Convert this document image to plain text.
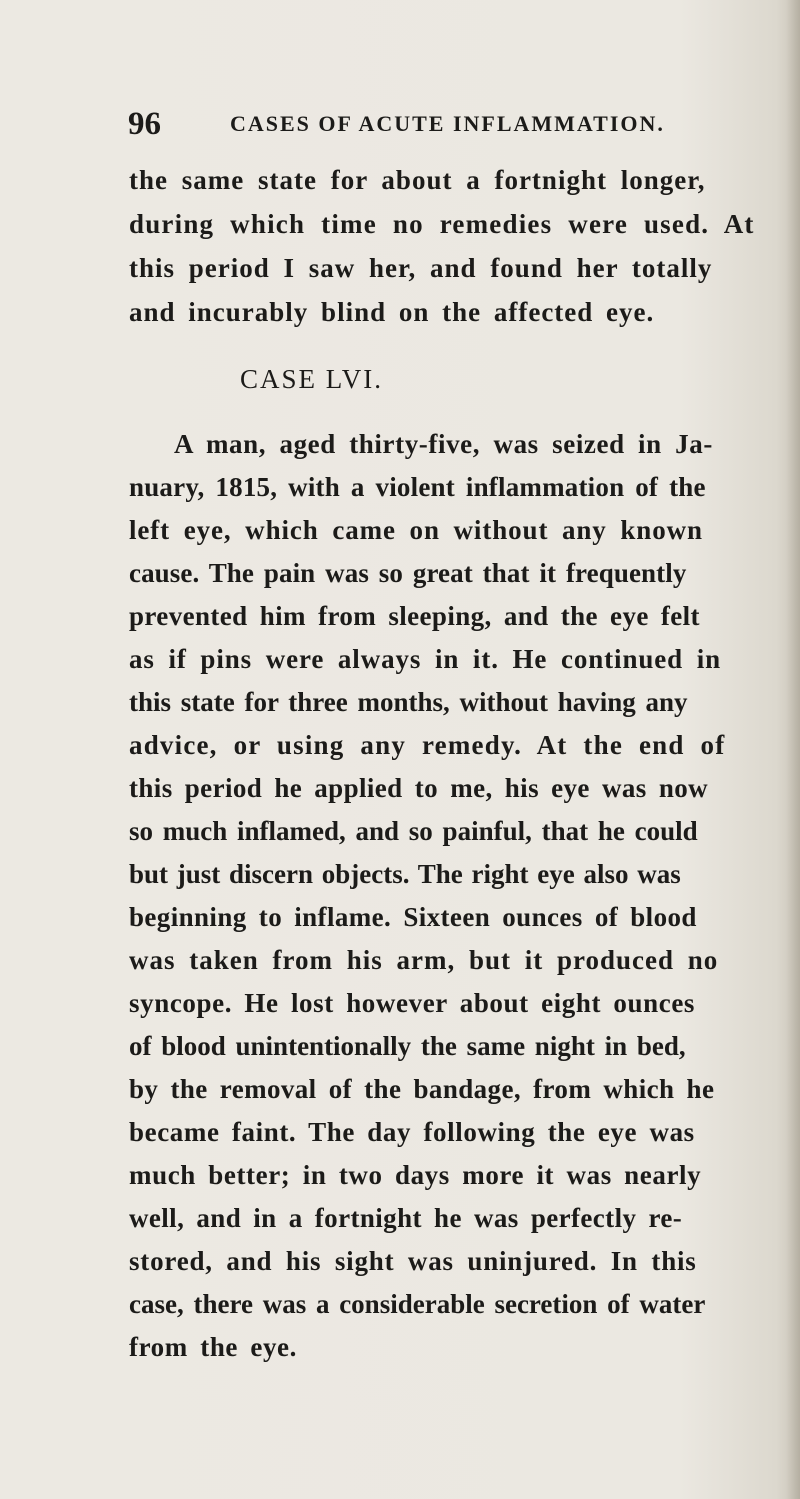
96	CASES OF ACUTE INFLAMMATION.
the same state for about a fortnight longer,
during which time no remedies were used. At
this period I saw her, and found her totally
and incurably blind on the affected eye.
CASE LVI.
A man, aged thirty-five, was seized in Ja-
nuary, 1815, with a violent inflammation of the
left eye, which came on without any known
cause. The pain was so great that it frequently
prevented him from sleeping, and the eye felt
as if pins were always in it. He continued in
this state for three months, without having any
advice, or using any remedy. At the end of
this period he applied to me, his eye was now
so much inflamed, and so painful, that he could
but just discern objects. The right eye also was
beginning to inflame. Sixteen ounces of blood
was taken from his arm, but it produced no
syncope. He lost however about eight ounces
of blood unintentionally the same night in bed,
by the removal of the bandage, from which he
became faint. The day following the eye was
much better; in two days more it was nearly
well, and in a fortnight he was perfectly re-
stored, and his sight was uninjured. In this
case, there was a considerable secretion of water
from the eye.
